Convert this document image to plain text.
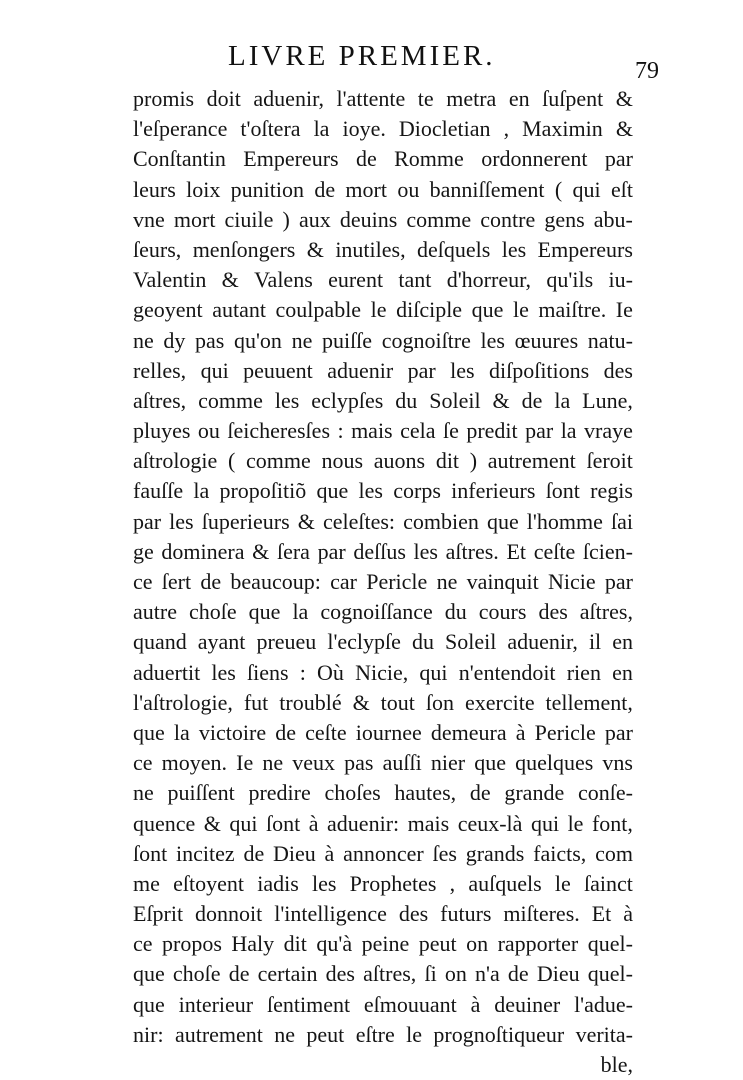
LIVRE PREMIER.	79
promis doit aduenir, l'attente te metra en ſuſpent &
l'eſperance t'oſtera la ioye. Diocletian , Maximin &
Conſtantin Empereurs de Romme ordonnerent par
leurs loix punition de mort ou banniſſement ( qui eſt
vne mort ciuile ) aux deuins comme contre gens abu-
ſeurs, menſongers & inutiles, deſquels les Empereurs
Valentin & Valens eurent tant d'horreur, qu'ils iu-
geoyent autant coulpable le diſciple que le maiſtre. Ie
ne dy pas qu'on ne puiſſe cognoiſtre les œuures natu-
relles, qui peuuent aduenir par les diſpoſitions des
aſtres, comme les eclypſes du Soleil & de la Lune,
pluyes ou ſeicheresſes : mais cela ſe predit par la vraye
aſtrologie ( comme nous auons dit ) autrement ſeroit
fauſſe la propoſitiõ que les corps inferieurs ſont regis
par les ſuperieurs & celeſtes: combien que l'homme ſai
ge dominera & ſera par deſſus les aſtres. Et ceſte ſcien-
ce ſert de beaucoup: car Pericle ne vainquit Nicie par
autre choſe que la cognoiſſance du cours des aſtres,
quand ayant preueu l'eclypſe du Soleil aduenir, il en
aduertit les ſiens : Où Nicie, qui n'entendoit rien en
l'aſtrologie, fut troublé & tout ſon exercite tellement,
que la victoire de ceſte iournee demeura à Pericle par
ce moyen. Ie ne veux pas auſſi nier que quelques vns
ne puiſſent predire choſes hautes, de grande conſe-
quence & qui ſont à aduenir: mais ceux-là qui le font,
ſont incitez de Dieu à annoncer ſes grands faicts, com
me eſtoyent iadis les Prophetes , auſquels le ſainct
Eſprit donnoit l'intelligence des futurs miſteres. Et à
ce propos Haly dit qu'à peine peut on rapporter quel-
que choſe de certain des aſtres, ſi on n'a de Dieu quel-
que interieur ſentiment eſmouuant à deuiner l'adue-
nir: autrement ne peut eſtre le prognoſtiqueur verita-
ble,
